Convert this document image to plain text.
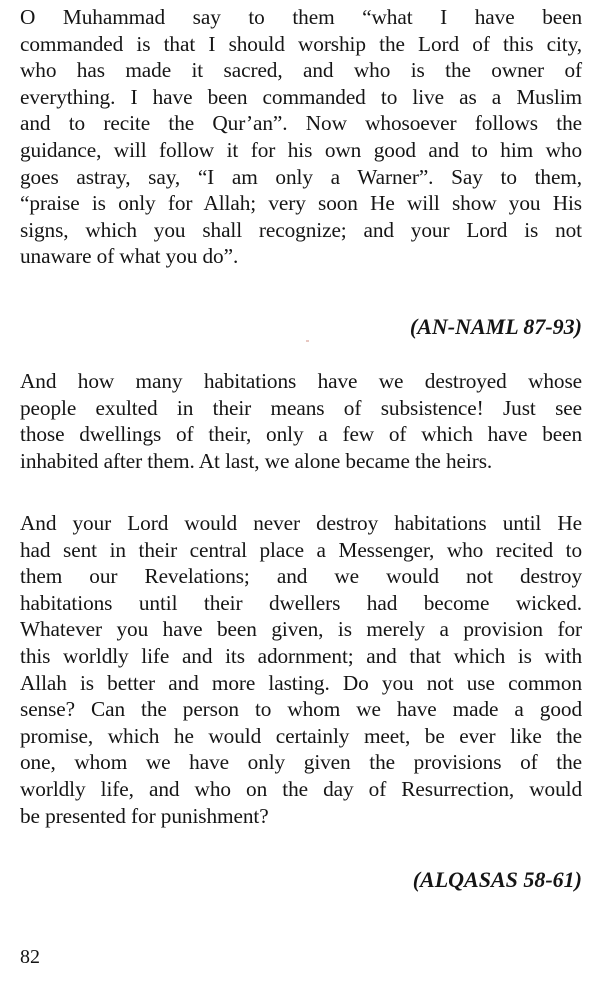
O Muhammad say to them “what I have been
commanded is that I should worship the Lord of this city,
who has made it sacred, and who is the owner of
everything. I have been commanded to live as a Muslim
and to recite the Qur’an”. Now whosoever follows the
guidance, will follow it for his own good and to him who
goes astray, say, “I am only a Warner”. Say to them,
“praise is only for Allah; very soon He will show you His
signs, which you shall recognize; and your Lord is not
unaware of what you do”.
(AN-NAML 87-93)
And how many habitations have we destroyed whose
people exulted in their means of subsistence! Just see
those dwellings of their, only a few of which have been
inhabited after them. At last, we alone became the heirs.
And your Lord would never destroy habitations until He
had sent in their central place a Messenger, who recited to
them our Revelations; and we would not destroy
habitations until their dwellers had become wicked.
Whatever you have been given, is merely a provision for
this worldly life and its adornment; and that which is with
Allah is better and more lasting. Do you not use common
sense? Can the person to whom we have made a good
promise, which he would certainly meet, be ever like the
one, whom we have only given the provisions of the
worldly life, and who on the day of Resurrection, would
be presented for punishment?
(ALQASAS 58-61)
82
